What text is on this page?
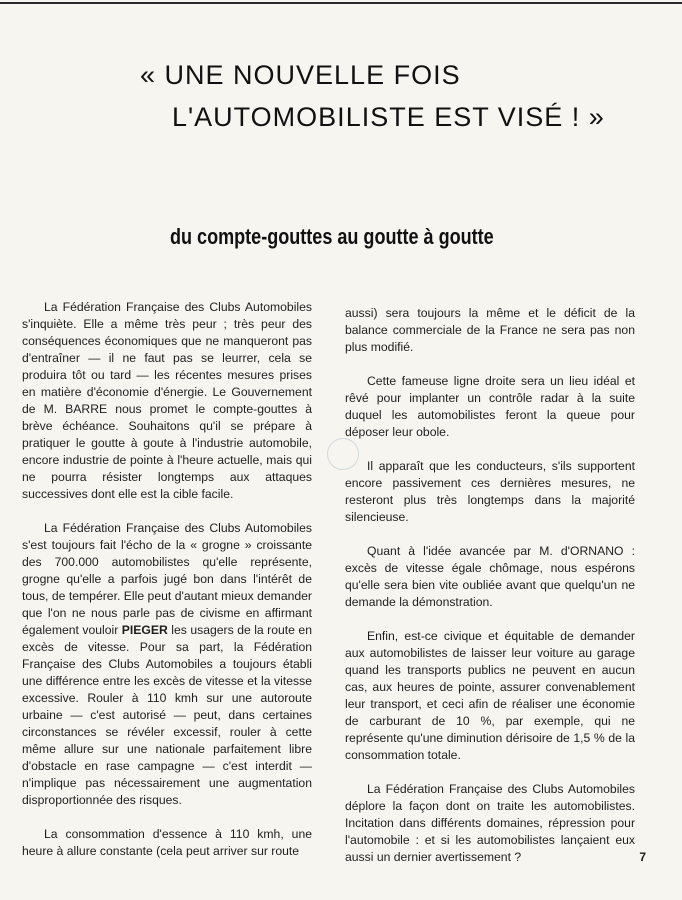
« UNE NOUVELLE FOIS
L'AUTOMOBILISTE EST VISÉ ! »
du compte-gouttes au goutte à goutte

La Fédération Française des Clubs Automobiles s'inquiète. Elle a même très peur ; très peur des conséquences économiques que ne manqueront pas d'entraîner — il ne faut pas se leurrer, cela se produira tôt ou tard — les récentes mesures prises en matière d'économie d'énergie. Le Gouvernement de M. BARRE nous promet le compte-gouttes à brève échéance. Souhaitons qu'il se prépare à pratiquer le goutte à goute à l'industrie automobile, encore industrie de pointe à l'heure actuelle, mais qui ne pourra résister longtemps aux attaques successives dont elle est la cible facile.

La Fédération Française des Clubs Automobiles s'est toujours fait l'écho de la « grogne » croissante des 700.000 automobilistes qu'elle représente, grogne qu'elle a parfois jugé bon dans l'intérêt de tous, de tempérer. Elle peut d'autant mieux demander que l'on ne nous parle pas de civisme en affirmant également vouloir PIEGER les usagers de la route en excès de vitesse. Pour sa part, la Fédération Française des Clubs Automobiles a toujours établi une différence entre les excès de vitesse et la vitesse excessive. Rouler à 110 kmh sur une autoroute urbaine — c'est autorisé — peut, dans certaines circonstances se révéler excessif, rouler à cette même allure sur une nationale parfaitement libre d'obstacle en rase campagne — c'est interdit — n'implique pas nécessairement une augmentation disproportionnée des risques.

La consommation d'essence à 110 kmh, une heure à allure constante (cela peut arriver sur route

aussi) sera toujours la même et le déficit de la balance commerciale de la France ne sera pas non plus modifié.

Cette fameuse ligne droite sera un lieu idéal et rêvé pour implanter un contrôle radar à la suite duquel les automobilistes feront la queue pour déposer leur obole.

Il apparaît que les conducteurs, s'ils supportent encore passivement ces dernières mesures, ne resteront plus très longtemps dans la majorité silencieuse.

Quant à l'idée avancée par M. d'ORNANO : excès de vitesse égale chômage, nous espérons qu'elle sera bien vite oubliée avant que quelqu'un ne demande la démonstration.

Enfin, est-ce civique et équitable de demander aux automobilistes de laisser leur voiture au garage quand les transports publics ne peuvent en aucun cas, aux heures de pointe, assurer convenablement leur transport, et ceci afin de réaliser une économie de carburant de 10 %, par exemple, qui ne représente qu'une diminution dérisoire de 1,5 % de la consommation totale.

La Fédération Française des Clubs Automobiles déplore la façon dont on traite les automobilistes. Incitation dans différents domaines, répression pour l'automobile : et si les automobilistes lançaient eux aussi un dernier avertissement ?	7
